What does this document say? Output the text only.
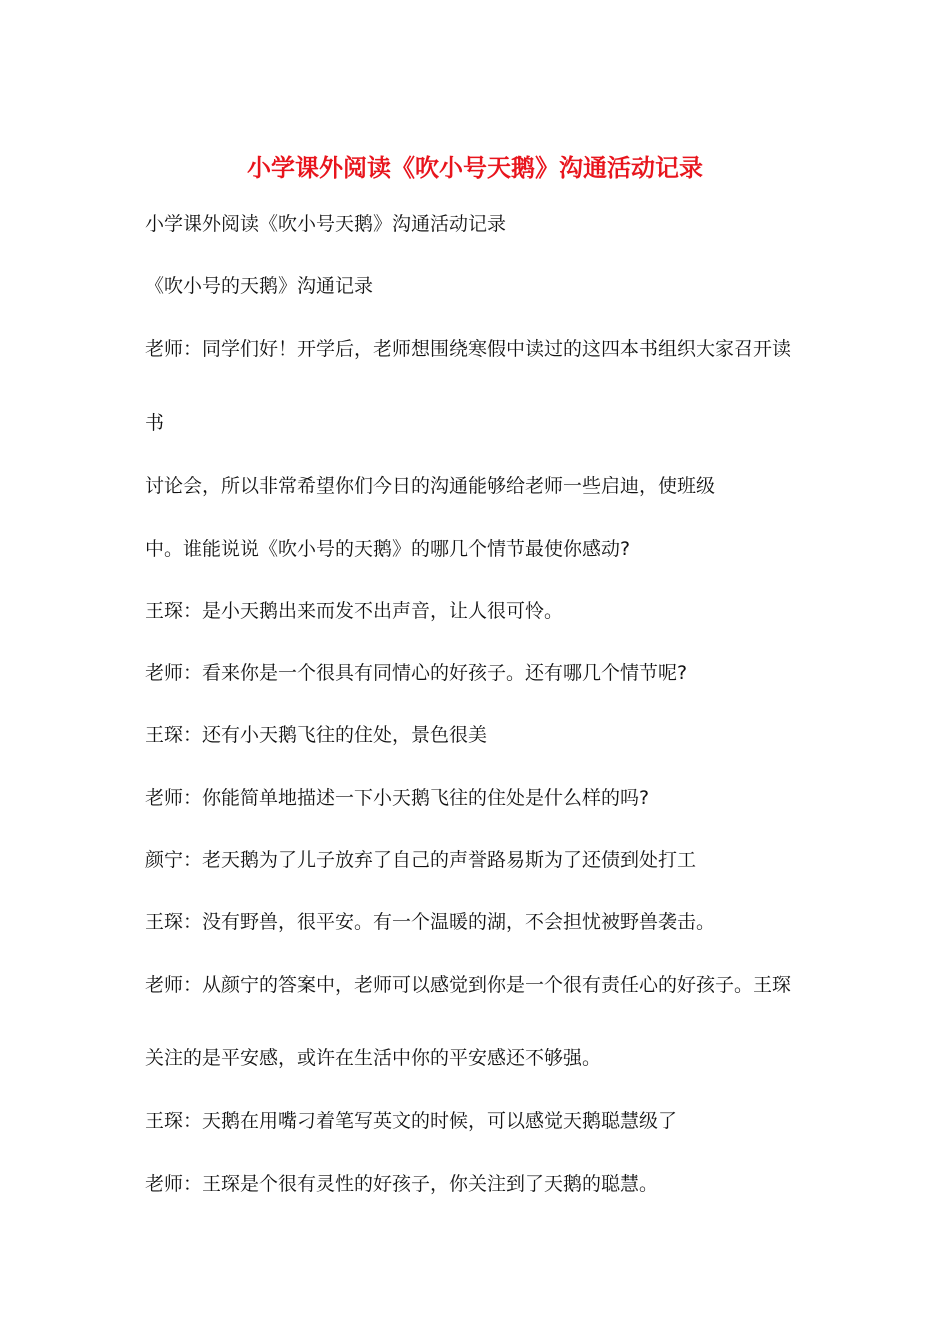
小学课外阅读《吹小号天鹅》沟通活动记录
小学课外阅读《吹小号天鹅》沟通活动记录
《吹小号的天鹅》沟通记录
老师：同学们好！开学后，老师想围绕寒假中读过的这四本书组织大家召开读
书
讨论会，所以非常希望你们今日的沟通能够给老师一些启迪，使班级
中。谁能说说《吹小号的天鹅》的哪几个情节最使你感动?
王琛：是小天鹅出来而发不出声音，让人很可怜。
老师：看来你是一个很具有同情心的好孩子。还有哪几个情节呢?
王琛：还有小天鹅飞往的住处，景色很美
老师：你能简单地描述一下小天鹅飞往的住处是什么样的吗?
颜宁：老天鹅为了儿子放弃了自己的声誉路易斯为了还债到处打工
王琛：没有野兽，很平安。有一个温暖的湖，不会担忧被野兽袭击。
老师：从颜宁的答案中，老师可以感觉到你是一个很有责任心的好孩子。王琛
关注的是平安感，或许在生活中你的平安感还不够强。
王琛：天鹅在用嘴刁着笔写英文的时候，可以感觉天鹅聪慧级了
老师：王琛是个很有灵性的好孩子，你关注到了天鹅的聪慧。
